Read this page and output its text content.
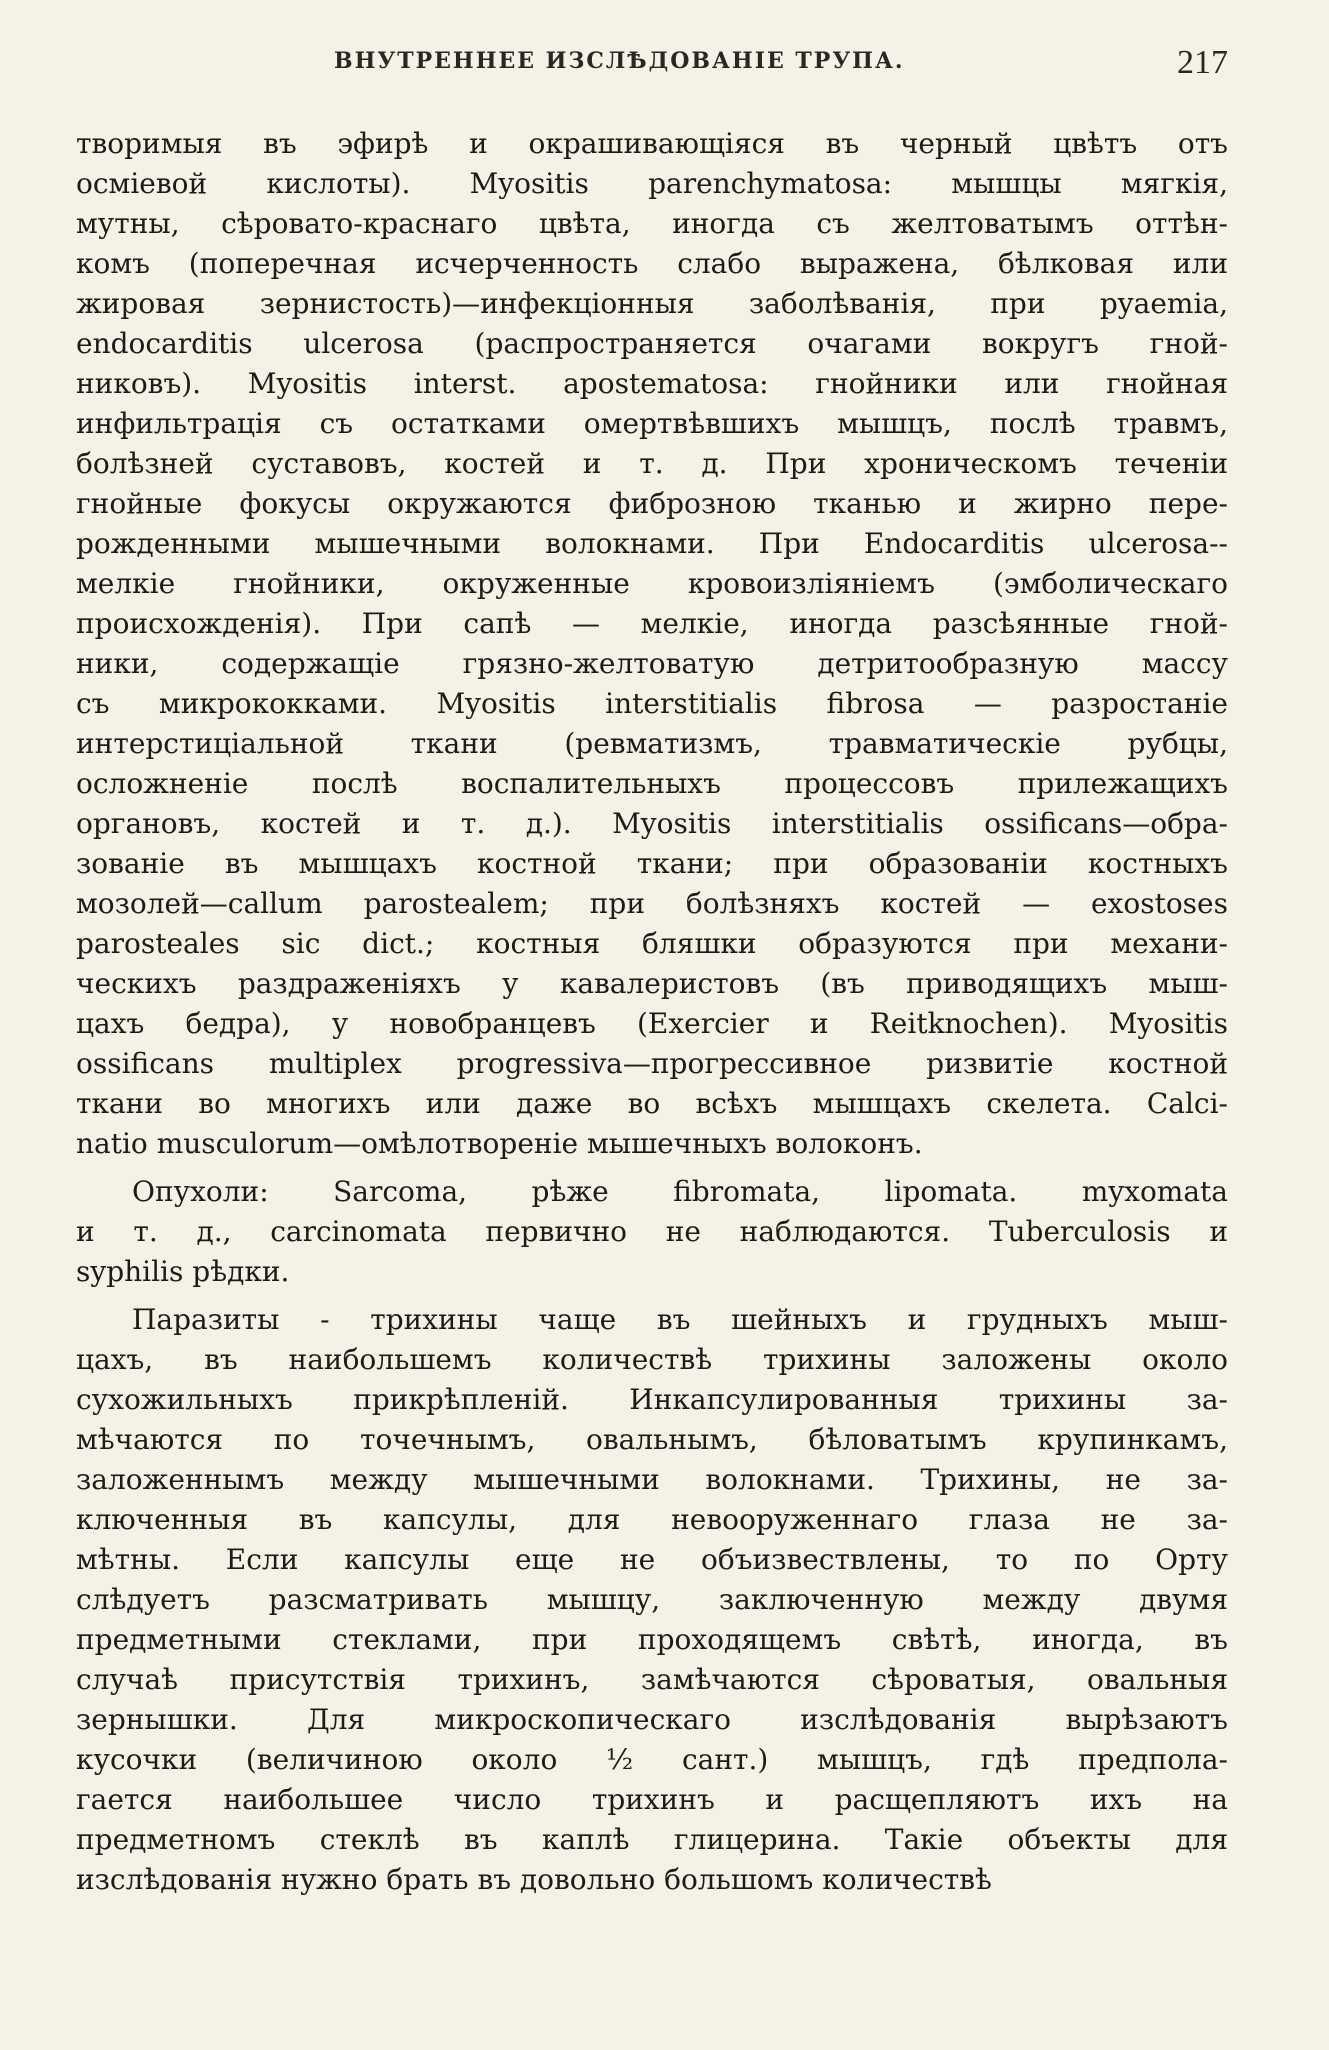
ВНУТРЕННЕЕ ИЗСЛѢДОВАНІЕ ТРУПА.	217
творимыя въ эфирѣ и окрашивающіяся въ черный цвѣтъ отъ
осміевой кислоты). Myositis parenchymatosa: мышцы мягкія,
мутны, сѣровато-краснаго цвѣта, иногда съ желтоватымъ оттѣн-
комъ (поперечная исчерченность слабо выражена, бѣлковая или
жировая зернистость)—инфекціонныя заболѣванія, при pyaemia,
endocarditis ulcerosa (распространяется очагами вокругъ гной-
никовъ). Myositis interst. apostematosa: гнойники или гнойная
инфильтрація съ остатками омертвѣвшихъ мышцъ, послѣ травмъ,
болѣзней суставовъ, костей и т. д. При хроническомъ теченіи
гнойные фокусы окружаются фиброзною тканью и жирно пере-
рожденными мышечными волокнами. При Endocarditis ulcerosa--
мелкіе гнойники, окруженные кровоизліяніемъ (эмболическаго
происхожденія). При сапѣ — мелкіе, иногда разсѣянные гной-
ники, содержащіе грязно-желтоватую детритообразную массу
съ микрококками. Myositis interstitialis fibrosa — разростаніе
интерстиціальной ткани (ревматизмъ, травматическіе рубцы,
осложненіе послѣ воспалительныхъ процессовъ прилежащихъ
органовъ, костей и т. д.). Myositis interstitialis ossificans—обра-
зованіе въ мышцахъ костной ткани; при образованіи костныхъ
мозолей—callum parostealem; при болѣзняхъ костей — exostoses
parosteales sic dict.; костныя бляшки образуются при механи-
ческихъ раздраженіяхъ у кавалеристовъ (въ приводящихъ мыш-
цахъ бедра), у новобранцевъ (Exercier и Reitknochen). Myositis
ossificans multiplex progressiva—прогрессивное ризвитіе костной
ткани во многихъ или даже во всѣхъ мышцахъ скелета. Calci-
natio musculorum—омѣлотвореніе мышечныхъ волоконъ.
Опухоли: Sarcoma, рѣже fibromata, lipomata. myxomata
и т. д., carcinomata первично не наблюдаются. Tuberculosis и
syphilis рѣдки.
Паразиты - трихины чаще въ шейныхъ и грудныхъ мыш-
цахъ, въ наибольшемъ количествѣ трихины заложены около
сухожильныхъ прикрѣпленій. Инкапсулированныя трихины за-
мѣчаются по точечнымъ, овальнымъ, бѣловатымъ крупинкамъ,
заложеннымъ между мышечными волокнами. Трихины, не за-
ключенныя въ капсулы, для невооруженнаго глаза не за-
мѣтны. Если капсулы еще не объизвествлены, то по Орту
слѣдуетъ разсматривать мышцу, заключенную между двумя
предметными стеклами, при проходящемъ свѣтѣ, иногда, въ
случаѣ присутствія трихинъ, замѣчаются сѣроватыя, овальныя
зернышки. Для микроскопическаго изслѣдованія вырѣзаютъ
кусочки (величиною около ½ сант.) мышцъ, гдѣ предпола-
гается наибольшее число трихинъ и расщепляютъ ихъ на
предметномъ стеклѣ въ каплѣ глицерина. Такіе объекты для
изслѣдованія нужно брать въ довольно большомъ количествѣ
